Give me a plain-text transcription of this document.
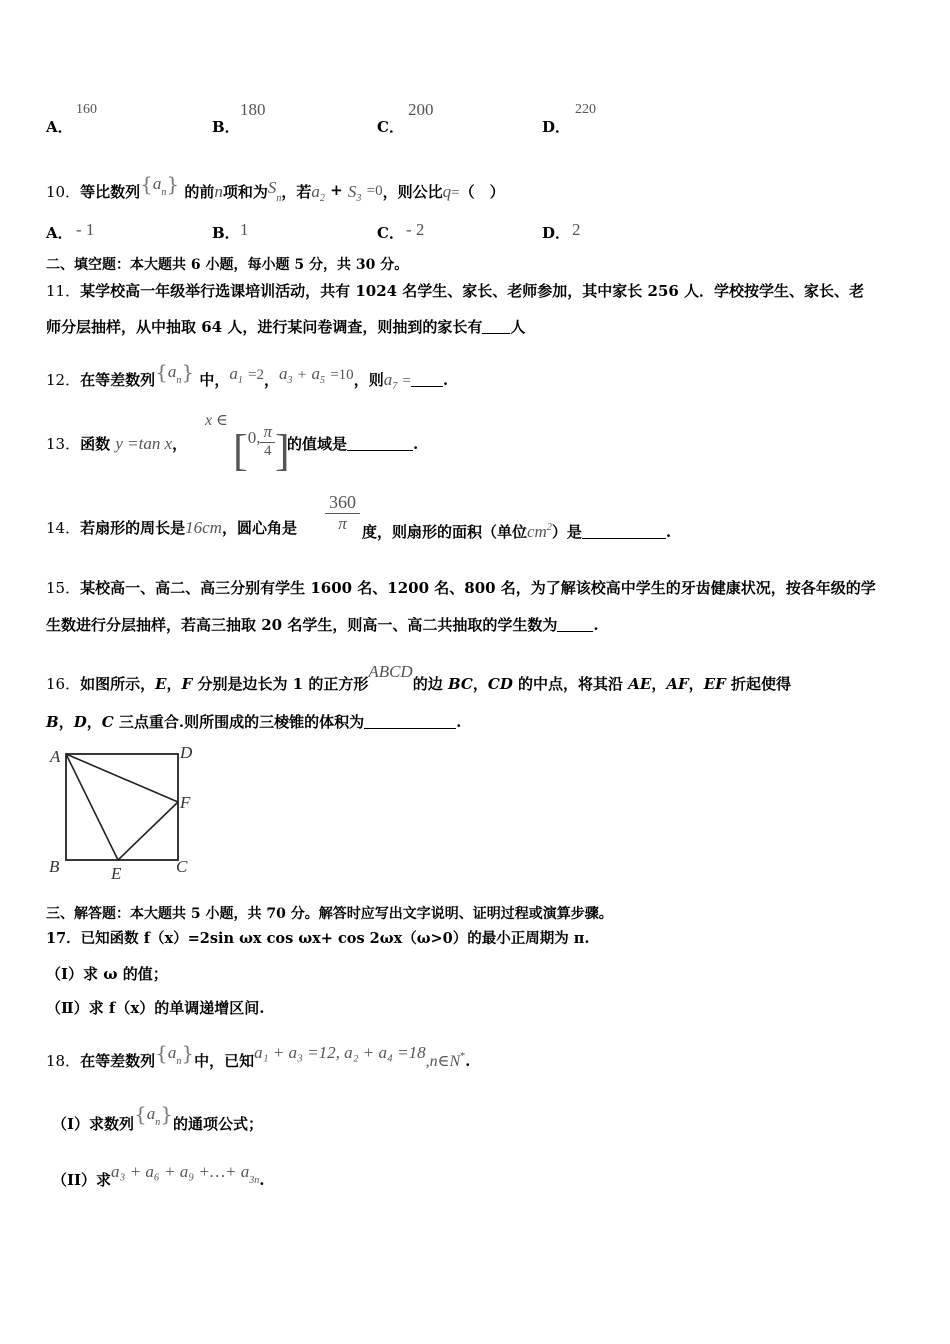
A．
160
B．
180
C．
200
D．
220
10．等比数列$\{a^n\}$ 的前n项和为$S_n$，若$a_2 + S_3 =0$，则公比q=（　）
A． - 1	B． 1	C． - 2	D． 2
二、填空题：本大题共 6 小题，每小题 5 分，共 30 分。
11．某学校高一年级举行选课培训活动，共有 1024 名学生、家长、老师参加，其中家长 256 人．学校按学生、家长、老
师分层抽样，从中抽取 64 人，进行某问卷调查，则抽到的家长有 人
12．在等差数列$\{a^n\}$ 中，$a_1 =2$，$a_3 + a_5 =10$，则$a_7$ = .
13．函数 y =tan x，
x ∈ [0, $\frac{\pi}{4}$ ]
的值域是	.
14．若扇形的周长是16cm，圆心角是 $\frac{360}{\pi}$ 度，则扇形的面积（单位$cm^2$）是	.
15．某校高一、高二、高三分别有学生 1600 名、1200 名、800 名，为了解该校高中学生的牙齿健康状况，按各年级的学
生数进行分层抽样，若高三抽取 20 名学生，则高一、高二共抽取的学生数为 .
16．如图所示，E，F 分别是边长为 1 的正方形ABCD的边 BC，CD 的中点，将其沿 AE，AF，EF 折起使得
B，D，C 三点重合.则所围成的三棱锥的体积为	.
A	D
F
B	C
E
三、解答题：本大题共 5 小题，共 70 分。解答时应写出文字说明、证明过程或演算步骤。
17．已知函数 f（x）=2sin ωx cos ωx+ cos 2ωx（ω>0）的最小正周期为 π.
（Ⅰ）求 ω 的值；
（Ⅱ）求 f（x）的单调递增区间.
18．在等差数列$\{a^n\}$中，已知a₁ + a₃ =12, a₂ + a₄ =18,n∈N*.
（I）求数列$\{a^n\}$的通项公式；
（II）求a₃ + a₆ + a₉ +…+ $a^{3n}$.
